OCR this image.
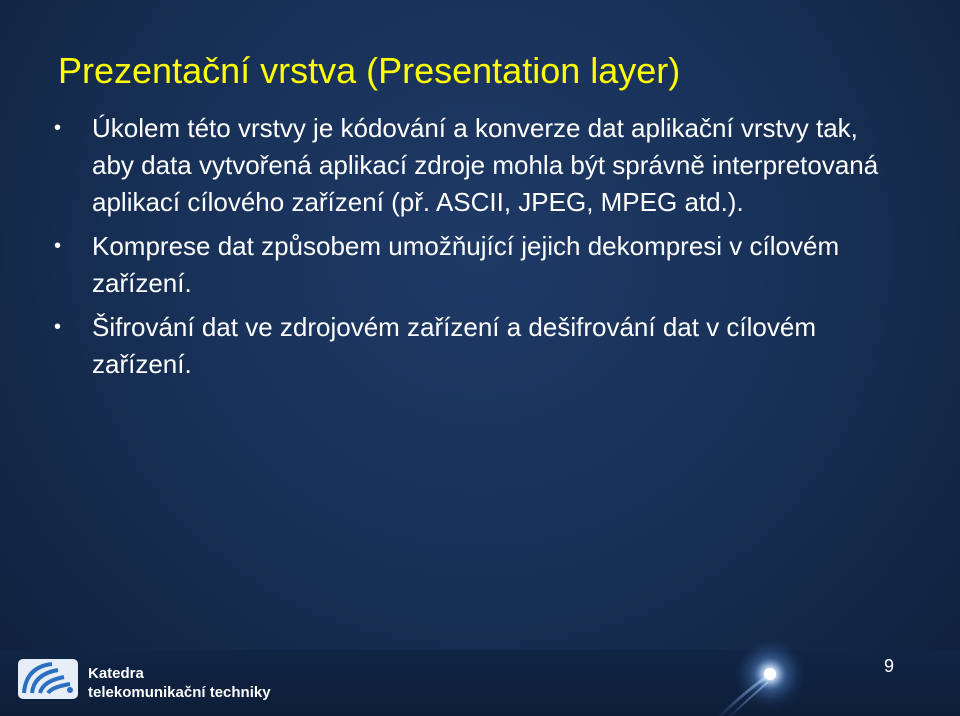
Prezentační vrstva (Presentation layer)
• Úkolem této vrstvy je kódování a konverze dat aplikační vrstvy tak, aby data vytvořená aplikací zdroje mohla být správně interpretovaná aplikací cílového zařízení (př. ASCII, JPEG, MPEG atd.).
• Komprese dat způsobem umožňující jejich dekompresi v cílovém zařízení.
• Šifrování dat ve zdrojovém zařízení a dešifrování dat v cílovém zařízení.
Katedra
telekomunikační techniky
9
